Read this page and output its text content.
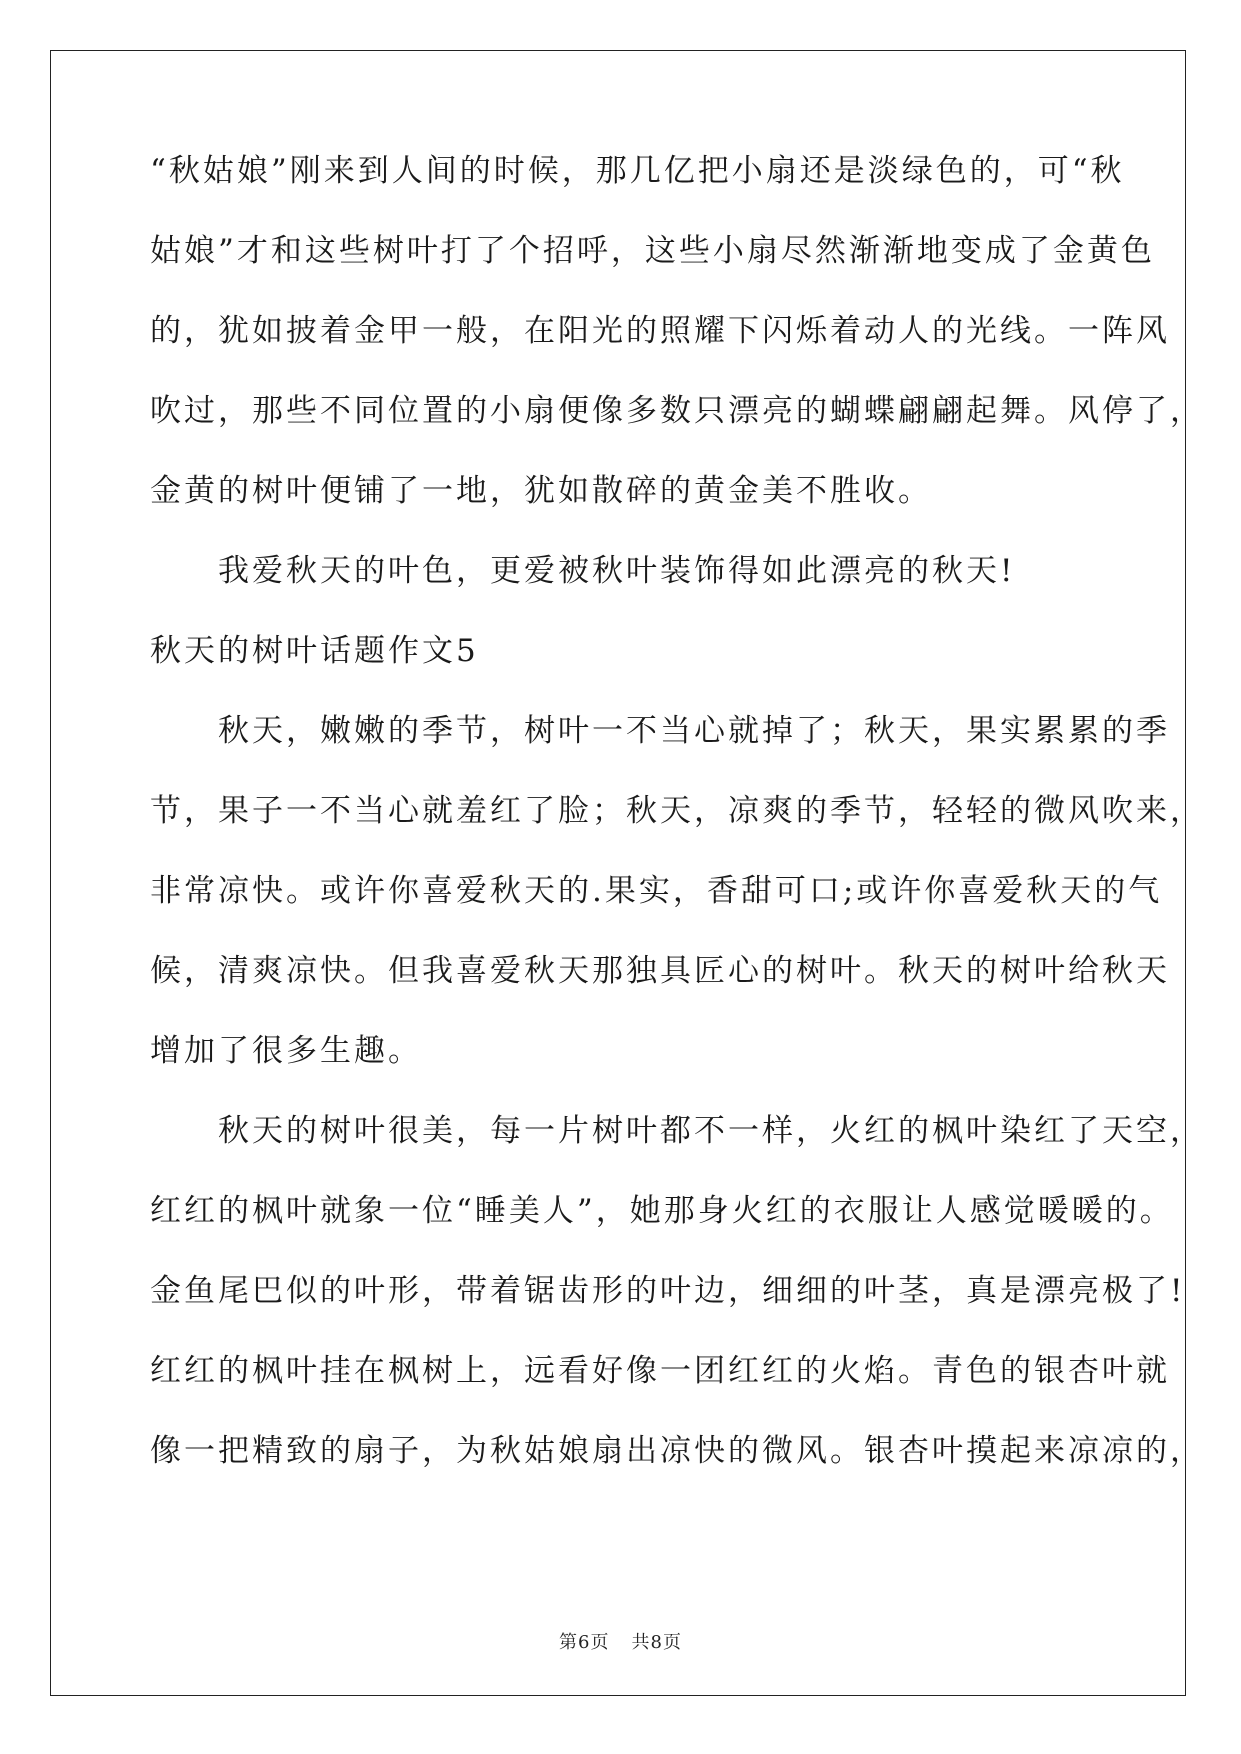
“秋姑娘”刚来到人间的时候，那几亿把小扇还是淡绿色的，可“秋
姑娘”才和这些树叶打了个招呼，这些小扇尽然渐渐地变成了金黄色
的，犹如披着金甲一般，在阳光的照耀下闪烁着动人的光线。一阵风
吹过，那些不同位置的小扇便像多数只漂亮的蝴蝶翩翩起舞。风停了，
金黄的树叶便铺了一地，犹如散碎的黄金美不胜收。
　　我爱秋天的叶色，更爱被秋叶装饰得如此漂亮的秋天!
秋天的树叶话题作文5
　　秋天，嫩嫩的季节，树叶一不当心就掉了；秋天，果实累累的季
节，果子一不当心就羞红了脸；秋天，凉爽的季节，轻轻的微风吹来，
非常凉快。或许你喜爱秋天的.果实，香甜可口;或许你喜爱秋天的气
候，清爽凉快。但我喜爱秋天那独具匠心的树叶。秋天的树叶给秋天
增加了很多生趣。
　　秋天的树叶很美，每一片树叶都不一样，火红的枫叶染红了天空，
红红的枫叶就象一位“睡美人”，她那身火红的衣服让人感觉暖暖的。
金鱼尾巴似的叶形，带着锯齿形的叶边，细细的叶茎，真是漂亮极了!
红红的枫叶挂在枫树上，远看好像一团红红的火焰。青色的银杏叶就
像一把精致的扇子，为秋姑娘扇出凉快的微风。银杏叶摸起来凉凉的，
第6页 共8页
